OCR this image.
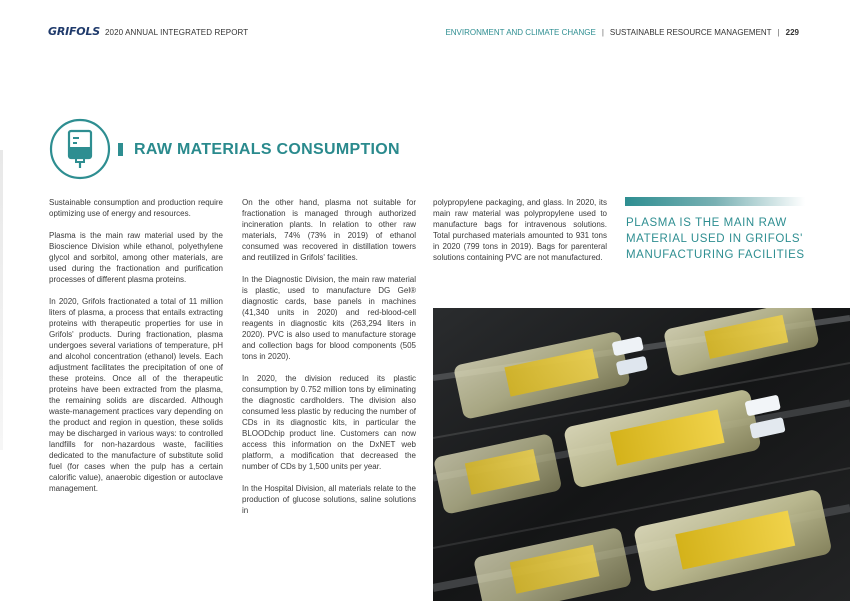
GRIFOLS 2020 ANNUAL INTEGRATED REPORT	ENVIRONMENT AND CLIMATE CHANGE | SUSTAINABLE RESOURCE MANAGEMENT | 229
RAW MATERIALS CONSUMPTION

Sustainable consumption and production require optimizing use of energy and resources.

Plasma is the main raw material used by the Bioscience Division while ethanol, polyethylene glycol and sorbitol, among other materials, are used during the fractionation and purification processes of different plasma proteins.

In 2020, Grifols fractionated a total of 11 million liters of plasma, a process that entails extracting proteins with therapeutic properties for use in Grifols' products. During fractionation, plasma undergoes several variations of temperature, pH and alcohol concentration (ethanol) levels. Each adjustment facilitates the precipitation of one of these proteins. Once all of the therapeutic proteins have been extracted from the plasma, the remaining solids are discarded. Although waste-management practices vary depending on the product and region in question, these solids may be discharged in various ways: to controlled landfills for non-hazardous waste, facilities dedicated to the manufacture of substitute solid fuel (for cases when the pulp has a certain calorific value), anaerobic digestion or autoclave management.

On the other hand, plasma not suitable for fractionation is managed through authorized incineration plants. In relation to other raw materials, 74% (73% in 2019) of ethanol consumed was recovered in distillation towers and reutilized in Grifols' facilities.

In the Diagnostic Division, the main raw material is plastic, used to manufacture DG Gel® diagnostic cards, base panels in machines (41,340 units in 2020) and red-blood-cell reagents in diagnostic kits (263,294 liters in 2020). PVC is also used to manufacture storage and collection bags for blood components (505 tons in 2020).

In 2020, the division reduced its plastic consumption by 0.752 million tons by eliminating the diagnostic cardholders. The division also consumed less plastic by reducing the number of CDs in its diagnostic kits, in particular the BLOODchip product line. Customers can now access this information on the DxNET web platform, a modification that decreased the number of CDs by 1,500 units per year.

In the Hospital Division, all materials relate to the production of glucose solutions, saline solutions in

polypropylene packaging, and glass. In 2020, its main raw material was polypropylene used to manufacture bags for intravenous solutions. Total purchased materials amounted to 931 tons in 2020 (799 tons in 2019). Bags for parenteral solutions containing PVC are not manufactured.

PLASMA IS THE MAIN RAW MATERIAL USED IN GRIFOLS' MANUFACTURING FACILITIES
